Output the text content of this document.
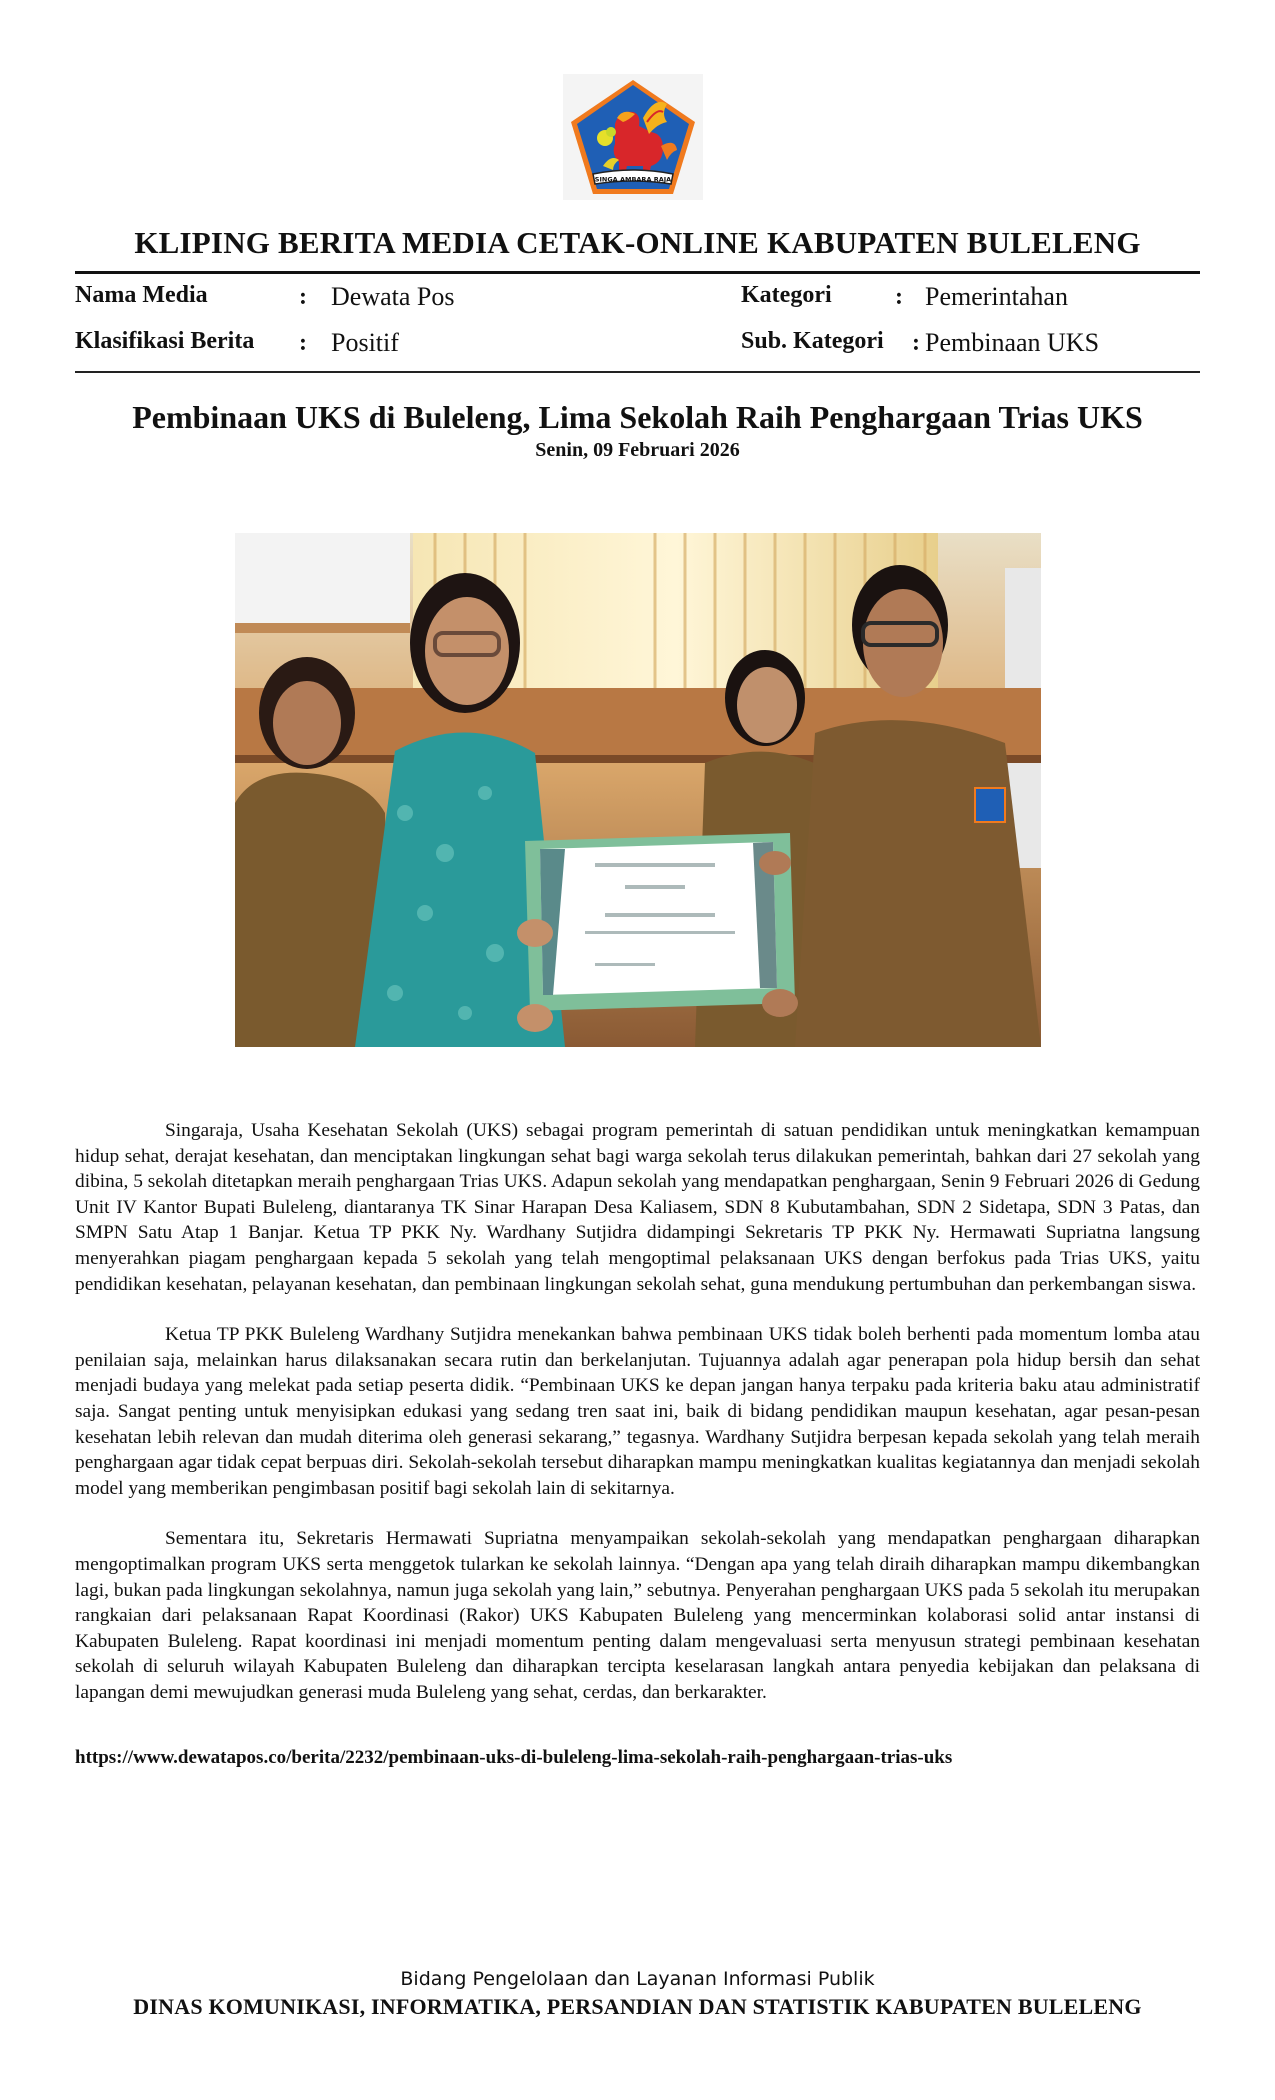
SINGA AMBARA RAJA
KLIPING BERITA MEDIA CETAK-ONLINE KABUPATEN BULELENG
Nama Media	: Dewata Pos
Klasifikasi Berita : Positif
Kategori	: Pemerintahan
Sub. Kategori : Pembinaan UKS
Pembinaan UKS di Buleleng, Lima Sekolah Raih Penghargaan Trias UKS
Senin, 09 Februari 2026

Singaraja, Usaha Kesehatan Sekolah (UKS) sebagai program pemerintah di satuan pendidikan untuk meningkatkan kemampuan hidup sehat, derajat kesehatan, dan menciptakan lingkungan sehat bagi warga sekolah terus dilakukan pemerintah, bahkan dari 27 sekolah yang dibina, 5 sekolah ditetapkan meraih penghargaan Trias UKS. Adapun sekolah yang mendapatkan penghargaan, Senin 9 Februari 2026 di Gedung Unit IV Kantor Bupati Buleleng, diantaranya TK Sinar Harapan Desa Kaliasem, SDN 8 Kubutambahan, SDN 2 Sidetapa, SDN 3 Patas, dan SMPN Satu Atap 1 Banjar. Ketua TP PKK Ny. Wardhany Sutjidra didampingi Sekretaris TP PKK Ny. Hermawati Supriatna langsung menyerahkan piagam penghargaan kepada 5 sekolah yang telah mengoptimal pelaksanaan UKS dengan berfokus pada Trias UKS, yaitu pendidikan kesehatan, pelayanan kesehatan, dan pembinaan lingkungan sekolah sehat, guna mendukung pertumbuhan dan perkembangan siswa.

Ketua TP PKK Buleleng Wardhany Sutjidra menekankan bahwa pembinaan UKS tidak boleh berhenti pada momentum lomba atau penilaian saja, melainkan harus dilaksanakan secara rutin dan berkelanjutan. Tujuannya adalah agar penerapan pola hidup bersih dan sehat menjadi budaya yang melekat pada setiap peserta didik. “Pembinaan UKS ke depan jangan hanya terpaku pada kriteria baku atau administratif saja. Sangat penting untuk menyisipkan edukasi yang sedang tren saat ini, baik di bidang pendidikan maupun kesehatan, agar pesan-pesan kesehatan lebih relevan dan mudah diterima oleh generasi sekarang,” tegasnya. Wardhany Sutjidra berpesan kepada sekolah yang telah meraih penghargaan agar tidak cepat berpuas diri. Sekolah-sekolah tersebut diharapkan mampu meningkatkan kualitas kegiatannya dan menjadi sekolah model yang memberikan pengimbasan positif bagi sekolah lain di sekitarnya.

Sementara itu, Sekretaris Hermawati Supriatna menyampaikan sekolah-sekolah yang mendapatkan penghargaan diharapkan mengoptimalkan program UKS serta menggetok tularkan ke sekolah lainnya. “Dengan apa yang telah diraih diharapkan mampu dikembangkan lagi, bukan pada lingkungan sekolahnya, namun juga sekolah yang lain,” sebutnya. Penyerahan penghargaan UKS pada 5 sekolah itu merupakan rangkaian dari pelaksanaan Rapat Koordinasi (Rakor) UKS Kabupaten Buleleng yang mencerminkan kolaborasi solid antar instansi di Kabupaten Buleleng. Rapat koordinasi ini menjadi momentum penting dalam mengevaluasi serta menyusun strategi pembinaan kesehatan sekolah di seluruh wilayah Kabupaten Buleleng dan diharapkan tercipta keselarasan langkah antara penyedia kebijakan dan pelaksana di lapangan demi mewujudkan generasi muda Buleleng yang sehat, cerdas, dan berkarakter.

https://www.dewatapos.co/berita/2232/pembinaan-uks-di-buleleng-lima-sekolah-raih-penghargaan-trias-uks
Bidang Pengelolaan dan Layanan Informasi Publik
DINAS KOMUNIKASI, INFORMATIKA, PERSANDIAN DAN STATISTIK KABUPATEN BULELENG
